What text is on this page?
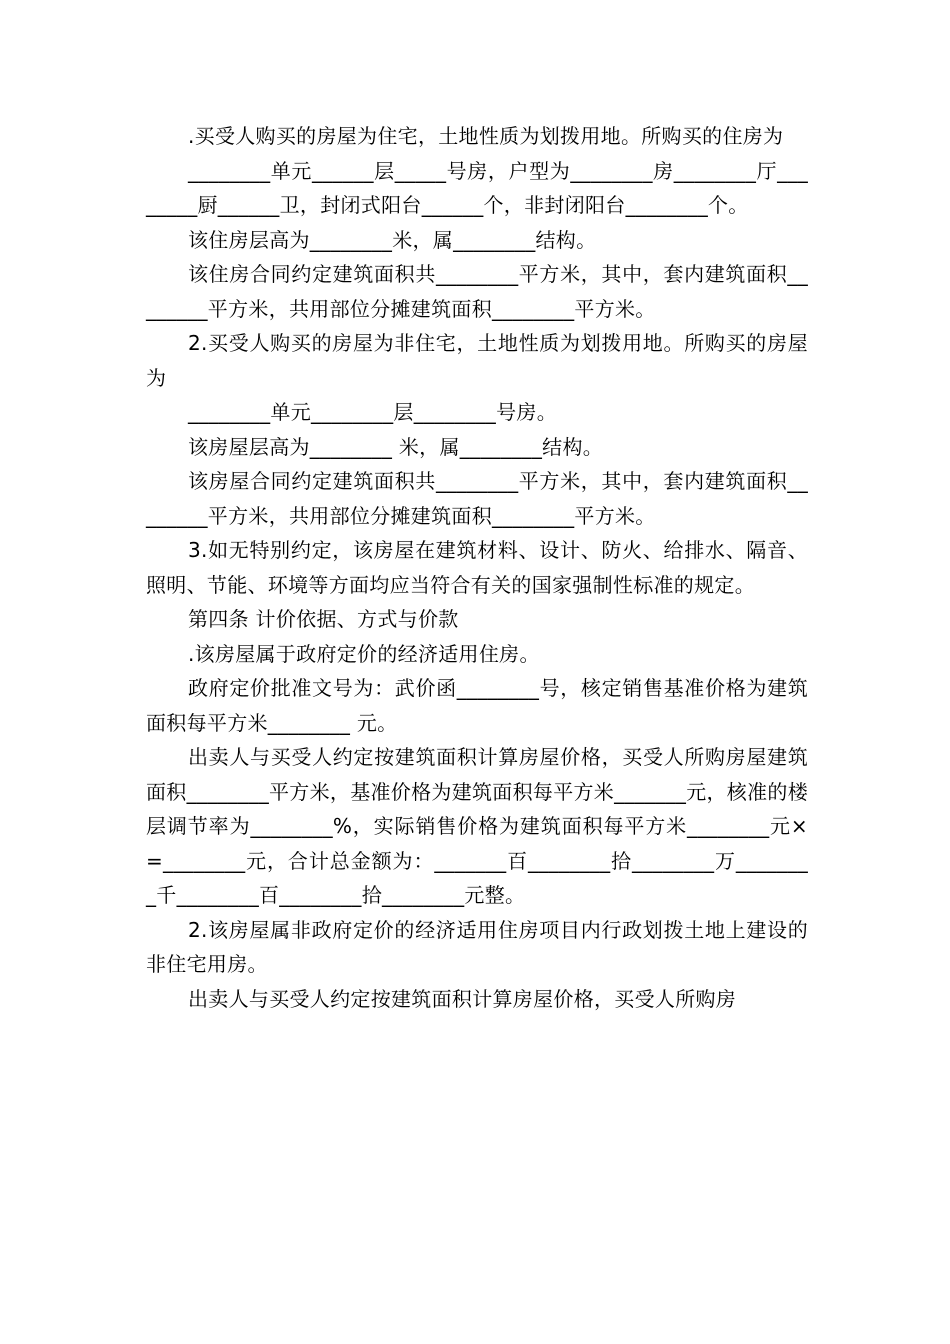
.买受人购买的房屋为住宅，土地性质为划拨用地。所购买的住房为

________单元______层_____号房，户型为________房________厅________厨______卫，封闭式阳台______个，非封闭阳台________个。

该住房层高为________米，属________结构。

该住房合同约定建筑面积共________平方米，其中，套内建筑面积________平方米，共用部位分摊建筑面积________平方米。

2.买受人购买的房屋为非住宅，土地性质为划拨用地。所购买的房屋为

________单元________层________号房。

该房屋层高为________ 米，属________结构。

该房屋合同约定建筑面积共________平方米，其中，套内建筑面积________平方米，共用部位分摊建筑面积________平方米。

3.如无特别约定，该房屋在建筑材料、设计、防火、给排水、隔音、照明、节能、环境等方面均应当符合有关的国家强制性标准的规定。

第四条 计价依据、方式与价款

.该房屋属于政府定价的经济适用住房。

政府定价批准文号为：武价函________号，核定销售基准价格为建筑面积每平方米________ 元。

出卖人与买受人约定按建筑面积计算房屋价格，买受人所购房屋建筑面积________平方米，基准价格为建筑面积每平方米_______元，核准的楼层调节率为________%，实际销售价格为建筑面积每平方米________元×=________元，合计总金额为：_______百________拾________万________千________百________拾________元整。

2.该房屋属非政府定价的经济适用住房项目内行政划拨土地上建设的非住宅用房。

出卖人与买受人约定按建筑面积计算房屋价格，买受人所购房
